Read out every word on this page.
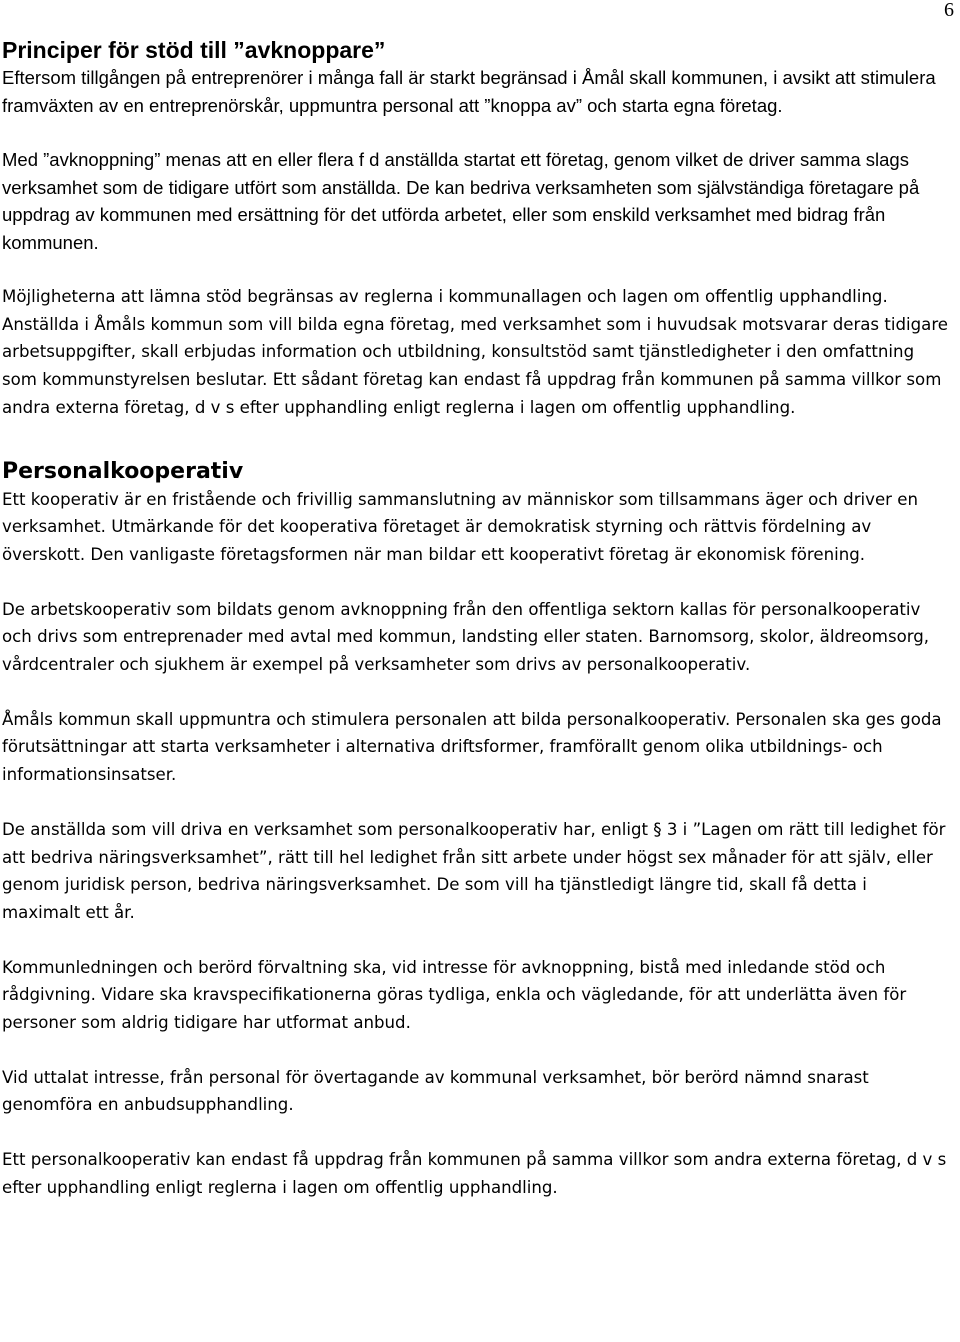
6
Principer för stöd till ”avknoppare”

Eftersom tillgången på entreprenörer i många fall är starkt begränsad i Åmål skall kommunen, i avsikt att stimulera framväxten av en entreprenörskår, uppmuntra personal att ”knoppa av” och starta egna företag.

Med ”avknoppning” menas att en eller flera f d anställda startat ett företag, genom vilket de driver samma slags verksamhet som de tidigare utfört som anställda. De kan bedriva verksamheten som självständiga företagare på uppdrag av kommunen med ersättning för det utförda arbetet, eller som enskild verksamhet med bidrag från kommunen.

Möjligheterna att lämna stöd begränsas av reglerna i kommunallagen och lagen om offentlig upphandling. Anställda i Åmåls kommun som vill bilda egna företag, med verksamhet som i huvudsak motsvarar deras tidigare arbetsuppgifter, skall erbjudas information och utbildning, konsultstöd samt tjänstledigheter i den omfattning som kommunstyrelsen beslutar. Ett sådant företag kan endast få uppdrag från kommunen på samma villkor som andra externa företag, d v s efter upphandling enligt reglerna i lagen om offentlig upphandling.

Personalkooperativ

Ett kooperativ är en fristående och frivillig sammanslutning av människor som tillsammans äger och driver en verksamhet. Utmärkande för det kooperativa företaget är demokratisk styrning och rättvis fördelning av överskott. Den vanligaste företagsformen när man bildar ett kooperativt företag är ekonomisk förening.

De arbetskooperativ som bildats genom avknoppning från den offentliga sektorn kallas för personalkooperativ och drivs som entreprenader med avtal med kommun, landsting eller staten. Barnomsorg, skolor, äldreomsorg, vårdcentraler och sjukhem är exempel på verksamheter som drivs av personalkooperativ.

Åmåls kommun skall uppmuntra och stimulera personalen att bilda personalkooperativ. Personalen ska ges goda förutsättningar att starta verksamheter i alternativa driftsformer, framförallt genom olika utbildnings- och informationsinsatser.

De anställda som vill driva en verksamhet som personalkooperativ har, enligt § 3 i ”Lagen om rätt till ledighet för att bedriva näringsverksamhet”, rätt till hel ledighet från sitt arbete under högst sex månader för att själv, eller genom juridisk person, bedriva näringsverksamhet. De som vill ha tjänstledigt längre tid, skall få detta i maximalt ett år.

Kommunledningen och berörd förvaltning ska, vid intresse för avknoppning, bistå med inledande stöd och rådgivning. Vidare ska kravspecifikationerna göras tydliga, enkla och vägledande, för att underlätta även för personer som aldrig tidigare har utformat anbud.

Vid uttalat intresse, från personal för övertagande av kommunal verksamhet, bör berörd nämnd snarast genomföra en anbudsupphandling.

Ett personalkooperativ kan endast få uppdrag från kommunen på samma villkor som andra externa företag, d v s efter upphandling enligt reglerna i lagen om offentlig upphandling.
